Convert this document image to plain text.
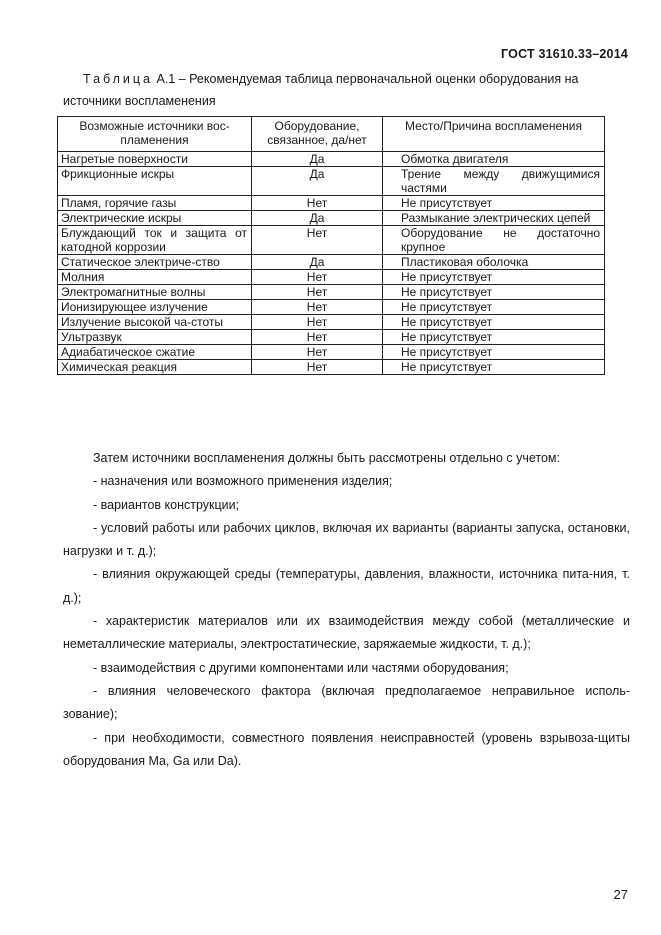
ГОСТ 31610.33–2014
Таблица А.1 – Рекомендуемая таблица первоначальной оценки оборудования на источники воспламенения
Возможные источники вос-пламенения	Оборудование, связанное, да/нет	Место/Причина воспламенения
Нагретые поверхности	Да	Обмотка двигателя
Фрикционные искры	Да	Трение между движущимися частями
Пламя, горячие газы	Нет	Не присутствует
Электрические искры	Да	Размыкание электрических цепей
Блуждающий ток и защита от катодной коррозии	Нет	Оборудование не достаточно крупное
Статическое электриче-ство	Да	Пластиковая оболочка
Молния	Нет	Не присутствует
Электромагнитные волны	Нет	Не присутствует
Ионизирующее излучение	Нет	Не присутствует
Излучение высокой ча-стоты	Нет	Не присутствует
Ультразвук	Нет	Не присутствует
Адиабатическое сжатие	Нет	Не присутствует
Химическая реакция	Нет	Не присутствует

Затем источники воспламенения должны быть рассмотрены отдельно с учетом:

- назначения или возможного применения изделия;

- вариантов конструкции;

- условий работы или рабочих циклов, включая их варианты (варианты запуска, остановки, нагрузки и т. д.);

- влияния окружающей среды (температуры, давления, влажности, источника пита-ния, т. д.);

- характеристик материалов или их взаимодействия между собой (металлические и неметаллические материалы, электростатические, заряжаемые жидкости, т. д.);

- взаимодействия с другими компонентами или частями оборудования;

- влияния человеческого фактора (включая предполагаемое неправильное исполь-зование);

- при необходимости, совместного появления неисправностей (уровень взрывоза-щиты оборудования Ma, Ga или Da).

27
